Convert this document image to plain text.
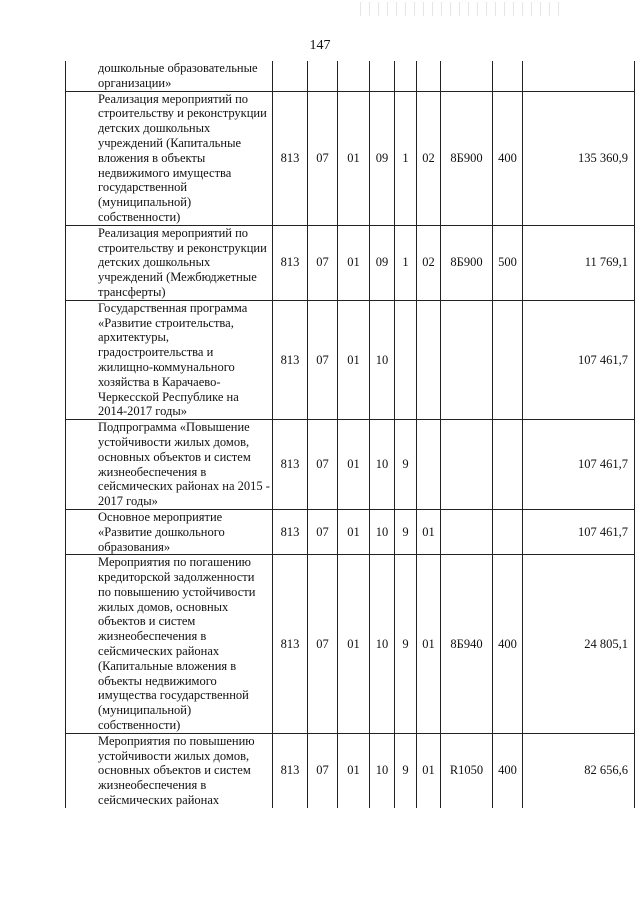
147
дошкольные образовательные организации»									

Реализация мероприятий по строительству и реконструкции детских дошкольных учреждений (Капитальные вложения в объекты недвижимого имущества государственной (муниципальной) собственности)	813	07	01	09	1	02	8Б900	400	135 360,9

Реализация мероприятий по строительству и реконструкции детских дошкольных учреждений (Межбюджетные трансферты)	813	07	01	09	1	02	8Б900	500	11 769,1

Государственная программа «Развитие строительства, архитектуры, градостроительства и жилищно-коммунального хозяйства в Карачаево-Черкесской Республике на 2014-2017 годы»	813	07	01	10					107 461,7

Подпрограмма «Повышение устойчивости жилых домов, основных объектов и систем жизнеобеспечения в сейсмических районах на 2015 - 2017 годы»	813	07	01	10	9				107 461,7

Основное мероприятие «Развитие дошкольного образования»	813	07	01	10	9	01			107 461,7

Мероприятия по погашению кредиторской задолженности по повышению устойчивости жилых домов, основных объектов и систем жизнеобеспечения в сейсмических районах (Капитальные вложения в объекты недвижимого имущества государственной (муниципальной) собственности)	813	07	01	10	9	01	8Б940	400	24 805,1

Мероприятия по повышению устойчивости жилых домов, основных объектов и систем жизнеобеспечения в сейсмических районах	813	07	01	10	9	01	R1050	400	82 656,6
